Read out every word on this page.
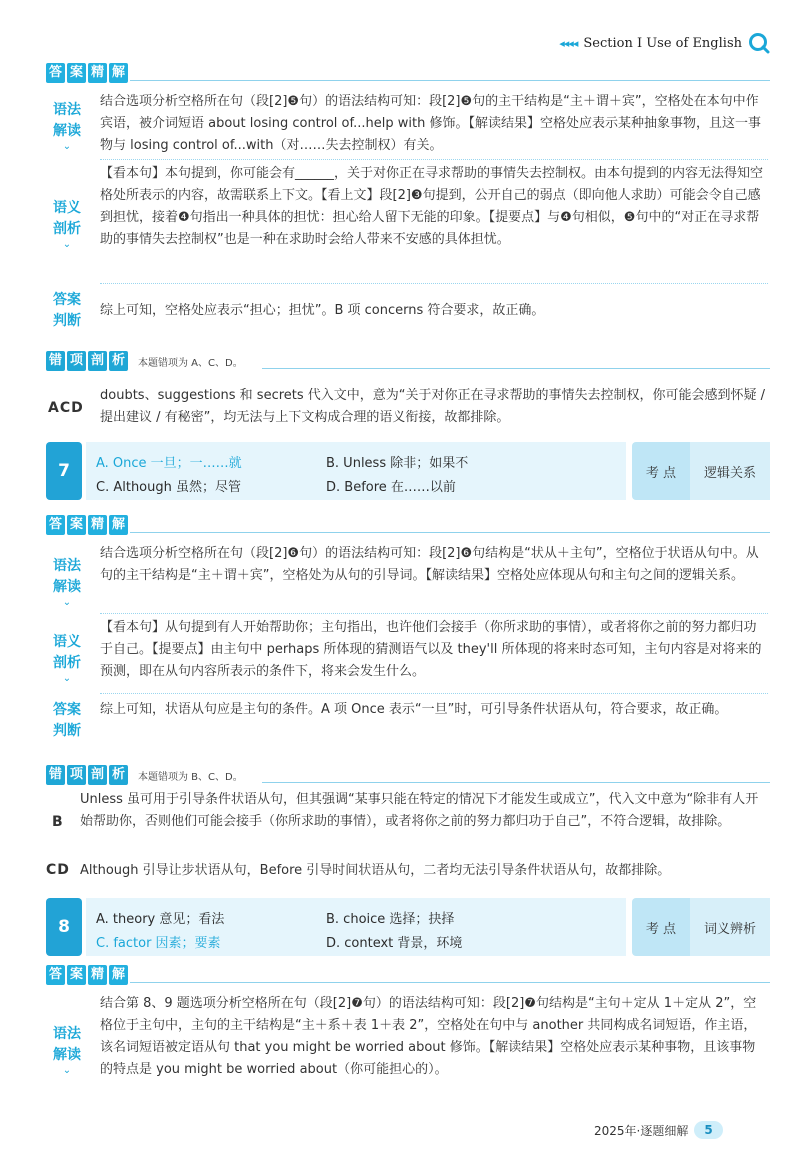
◂◂◂◂ Section I Use of English
答 案 精 解
语法
解读
⌄
结合选项分析空格所在句（段[2]❺句）的语法结构可知：段[2]❺句的主干结构是“主＋谓＋宾”，空格处在本句中作宾语，被介词短语 about losing control of...help with 修饰。【解读结果】空格处应表示某种抽象事物，且这一事物与 losing control of...with（对……失去控制权）有关。
语义
剖析
⌄
【看本句】本句提到，你可能会有______，关于对你正在寻求帮助的事情失去控制权。由本句提到的内容无法得知空格处所表示的内容，故需联系上下文。【看上文】段[2]❸句提到，公开自己的弱点（即向他人求助）可能会令自己感到担忧，接着❹句指出一种具体的担忧：担心给人留下无能的印象。【提要点】与❹句相似，❺句中的“对正在寻求帮助的事情失去控制权”也是一种在求助时会给人带来不安感的具体担忧。
答案
判断
综上可知，空格处应表示“担心；担忧”。B 项 concerns 符合要求，故正确。
错 项 剖 析	本题错项为 A、C、D。
ACD
doubts、suggestions 和 secrets 代入文中，意为“关于对你正在寻求帮助的事情失去控制权，你可能会感到怀疑 / 提出建议 / 有秘密”，均无法与上下文构成合理的语义衔接，故都排除。
7	A. Once 一旦；一……就	B. Unless 除非；如果不
C. Although 虽然；尽管	D. Before 在……以前
考 点	逻辑关系
答 案 精 解
语法
解读
⌄
结合选项分析空格所在句（段[2]❻句）的语法结构可知：段[2]❻句结构是“状从＋主句”，空格位于状语从句中。从句的主干结构是“主＋谓＋宾”，空格处为从句的引导词。【解读结果】空格处应体现从句和主句之间的逻辑关系。
语义
剖析
⌄
【看本句】从句提到有人开始帮助你；主句指出，也许他们会接手（你所求助的事情），或者将你之前的努力都归功于自己。【提要点】由主句中 perhaps 所体现的猜测语气以及 they'll 所体现的将来时态可知，主句内容是对将来的预测，即在从句内容所表示的条件下，将来会发生什么。
答案
判断
综上可知，状语从句应是主句的条件。A 项 Once 表示“一旦”时，可引导条件状语从句，符合要求，故正确。
错 项 剖 析	本题错项为 B、C、D。
B
Unless 虽可用于引导条件状语从句，但其强调“某事只能在特定的情况下才能发生或成立”，代入文中意为“除非有人开始帮助你，否则他们可能会接手（你所求助的事情），或者将你之前的努力都归功于自己”，不符合逻辑，故排除。
CD Although 引导让步状语从句，Before 引导时间状语从句，二者均无法引导条件状语从句，故都排除。
8	A. theory 意见；看法	B. choice 选择；抉择
C. factor 因素；要素	D. context 背景，环境
考 点	词义辨析
答 案 精 解
语法
解读
⌄
结合第 8、9 题选项分析空格所在句（段[2]❼句）的语法结构可知：段[2]❼句结构是“主句＋定从 1＋定从 2”，空格位于主句中，主句的主干结构是“主＋系＋表 1＋表 2”，空格处在句中与 another 共同构成名词短语，作主语，该名词短语被定语从句 that you might be worried about 修饰。【解读结果】空格处应表示某种事物，且该事物的特点是 you might be worried about（你可能担心的）。
2025年·逐题细解	5
